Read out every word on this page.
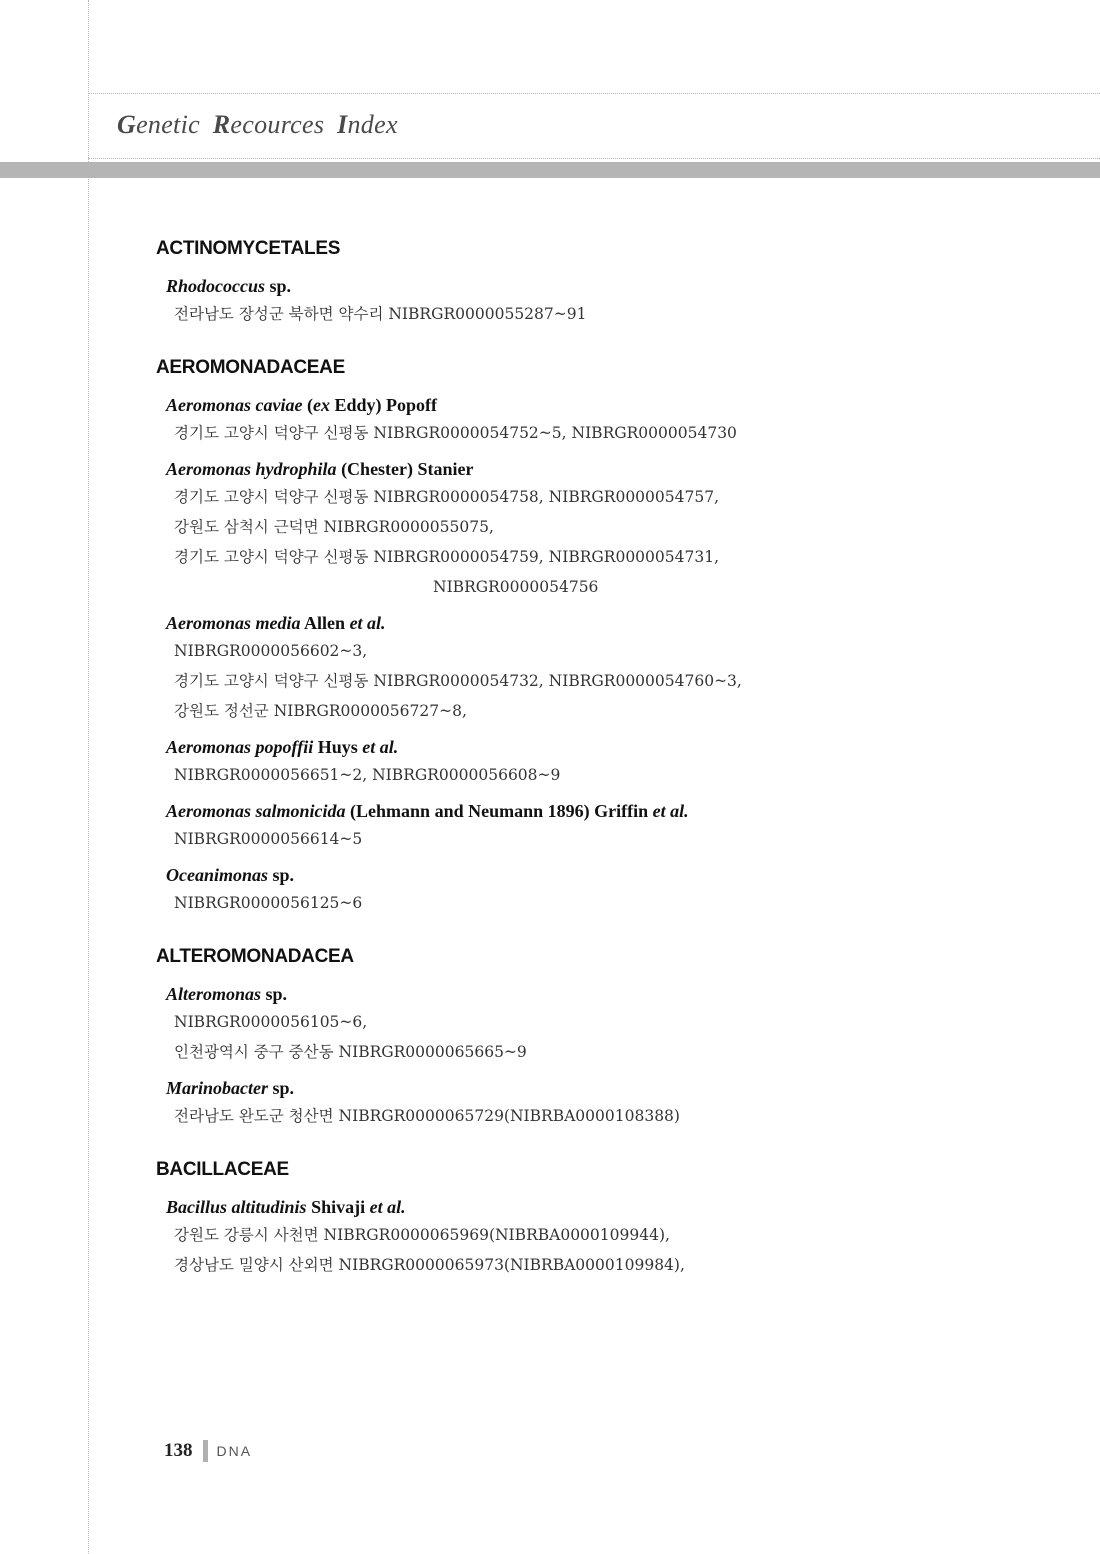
Genetic Recources Index
ACTINOMYCETALES
Rhodococcus sp.
전라남도 장성군 북하면 약수리 NIBRGR0000055287~91
AEROMONADACEAE
Aeromonas caviae (ex Eddy) Popoff
경기도 고양시 덕양구 신평동 NIBRGR0000054752~5, NIBRGR0000054730
Aeromonas hydrophila (Chester) Stanier
경기도 고양시 덕양구 신평동 NIBRGR0000054758, NIBRGR0000054757,
강원도 삼척시 근덕면 NIBRGR0000055075,
경기도 고양시 덕양구 신평동 NIBRGR0000054759, NIBRGR0000054731,
NIBRGR0000054756
Aeromonas media Allen et al.
NIBRGR0000056602~3,
경기도 고양시 덕양구 신평동 NIBRGR0000054732, NIBRGR0000054760~3,
강원도 정선군 NIBRGR0000056727~8,
Aeromonas popoffii Huys et al.
NIBRGR0000056651~2, NIBRGR0000056608~9
Aeromonas salmonicida (Lehmann and Neumann 1896) Griffin et al.
NIBRGR0000056614~5
Oceanimonas sp.
NIBRGR0000056125~6
ALTEROMONADACEA
Alteromonas sp.
NIBRGR0000056105~6,
인천광역시 중구 중산동 NIBRGR0000065665~9
Marinobacter sp.
전라남도 완도군 청산면 NIBRGR0000065729(NIBRBA0000108388)
BACILLACEAE
Bacillus altitudinis Shivaji et al.
강원도 강릉시 사천면 NIBRGR0000065969(NIBRBA0000109944),
경상남도 밀양시 산외면 NIBRGR0000065973(NIBRBA0000109984),
138 DNA
